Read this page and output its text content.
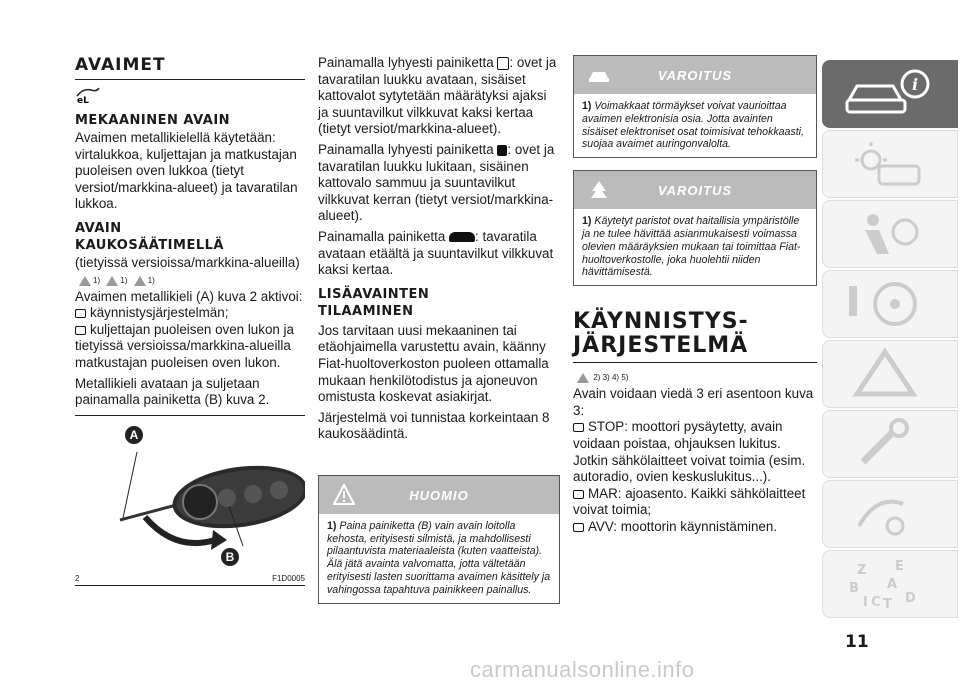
AVAIMET
eL
MEKAANINEN AVAIN

Avaimen metallikielellä käytetään: virtalukkoa, kuljettajan ja matkustajan puoleisen oven lukkoa (tietyt versiot/markkina-alueet) ja tavaratilan lukkoa.

AVAIN
KAUKOSÄÄTIMELLÄ

(tietyissä versioissa/markkina-alueilla)

1)	1)	1)

Avaimen metallikieli (A) kuva 2 aktivoi:

käynnistysjärjestelmän;
kuljettajan puoleisen oven lukon ja tietyissä versioissa/markkina-alueilla matkustajan puoleisen oven lukon.

Metallikieli avataan ja suljetaan painamalla painiketta (B) kuva 2.

A
B
2	F1D0005

Painamalla lyhyesti painiketta : ovet ja tavaratilan luukku avataan, sisäiset kattovalot sytytetään määrätyksi ajaksi ja suuntavilkut vilkkuvat kaksi kertaa (tietyt versiot/markkina-alueet).

Painamalla lyhyesti painiketta : ovet ja tavaratilan luukku lukitaan, sisäinen kattovalo sammuu ja suuntavilkut vilkkuvat kerran (tietyt versiot/markkina-alueet).

Painamalla painiketta : tavaratila avataan etäältä ja suuntavilkut vilkkuvat kaksi kertaa.

LISÄAVAINTEN
TILAAMINEN

Jos tarvitaan uusi mekaaninen tai etäohjaimella varustettu avain, käänny Fiat-huoltoverkoston puoleen ottamalla mukaan henkilötodistus ja ajoneuvon omistusta koskevat asiakirjat.

Järjestelmä voi tunnistaa korkeintaan 8 kaukosäädintä.

HUOMIO
1) Paina painiketta (B) vain avain loitolla kehosta, erityisesti silmistä, ja mahdollisesti pilaantuvista materiaaleista (kuten vaatteista). Älä jätä avainta valvomatta, jotta vältetään erityisesti lasten suorittama avaimen käsittely ja vahingossa tapahtuva painikkeen painallus.
VAROITUS
1) Voimakkaat törmäykset voivat vaurioittaa avaimen elektronisia osia. Jotta avainten sisäiset elektroniset osat toimisivat tehokkaasti, suojaa avaimet auringonvalolta.
VAROITUS
1) Käytetyt paristot ovat haitallisia ympäristölle ja ne tulee hävittää asianmukaisesti voimassa olevien määräyksien mukaan tai toimittaa Fiat-huoltoverkostolle, joka huolehtii niiden hävittämisestä.
KÄYNNISTYS-
JÄRJESTELMÄ
2) 3) 4) 5)

Avain voidaan viedä 3 eri asentoon kuva 3:

STOP: moottori pysäytetty, avain voidaan poistaa, ohjauksen lukitus. Jotkin sähkölaitteet voivat toimia (esim. autoradio, ovien keskuslukitus...).
MAR: ajoasento. Kaikki sähkölaitteet voivat toimia;
AVV: moottorin käynnistäminen.
i
Z E
B A
C D
I T
11
carmanualsonline.info
